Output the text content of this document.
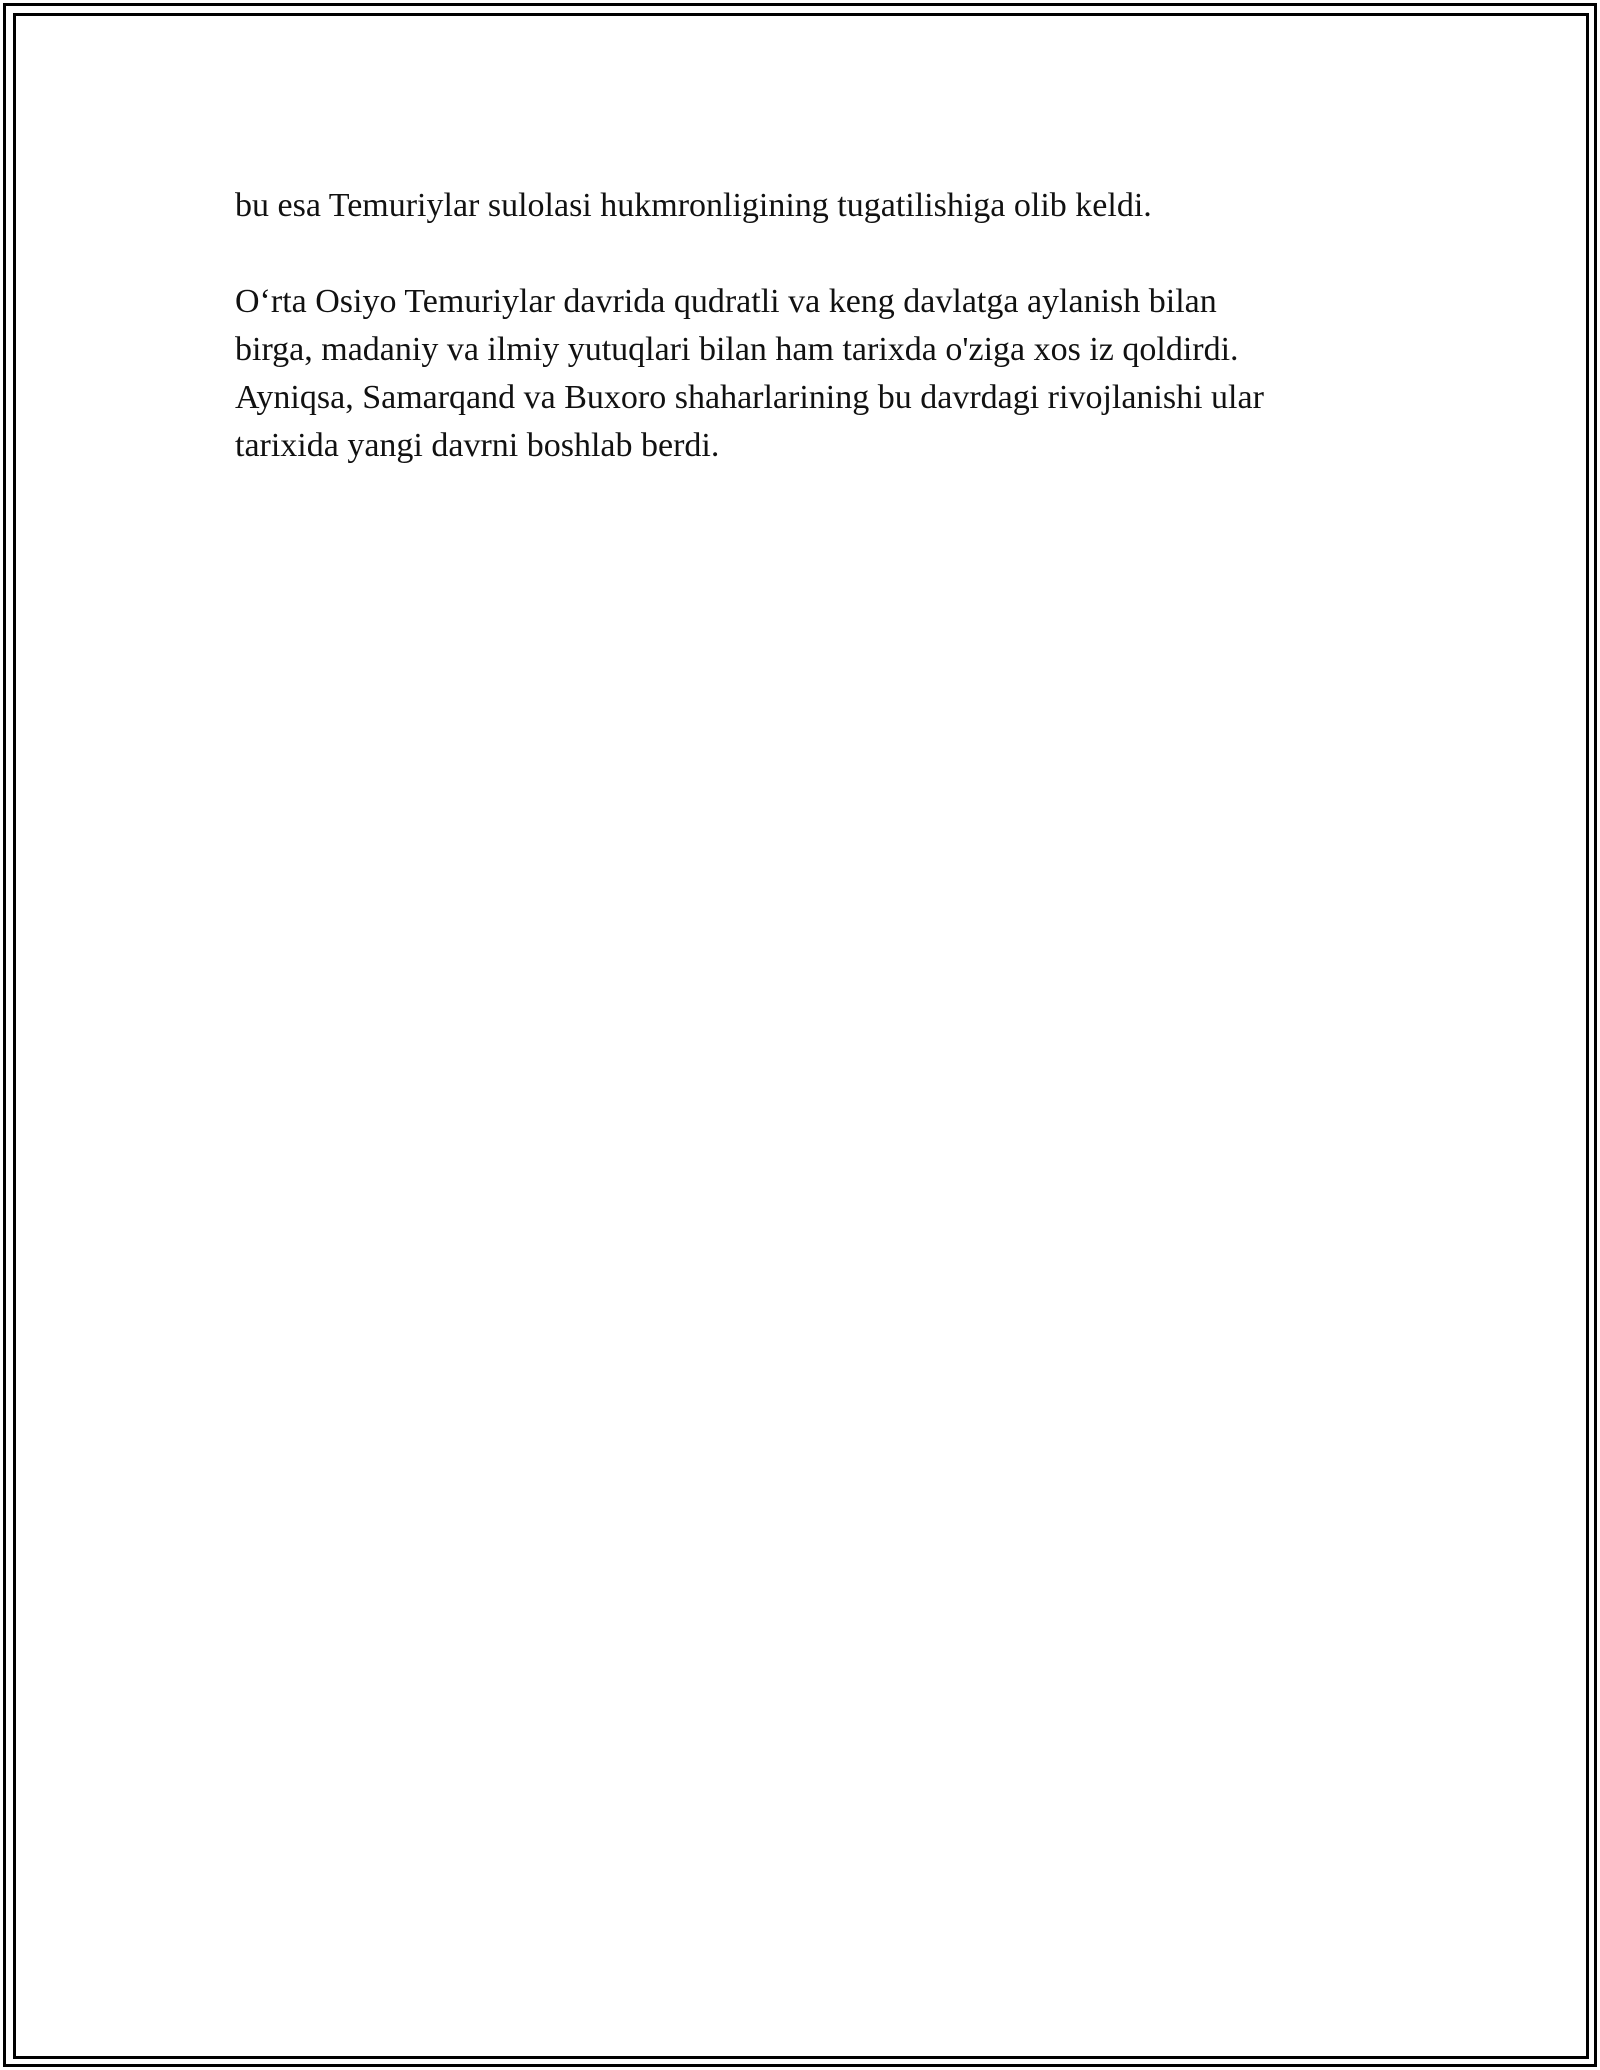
bu esa Temuriylar sulolasi hukmronligining tugatilishiga olib keldi.

O‘rta Osiyo Temuriylar davrida qudratli va keng davlatga aylanish bilan
birga, madaniy va ilmiy yutuqlari bilan ham tarixda o'ziga xos iz qoldirdi.
Ayniqsa, Samarqand va Buxoro shaharlarining bu davrdagi rivojlanishi ular
tarixida yangi davrni boshlab berdi.
